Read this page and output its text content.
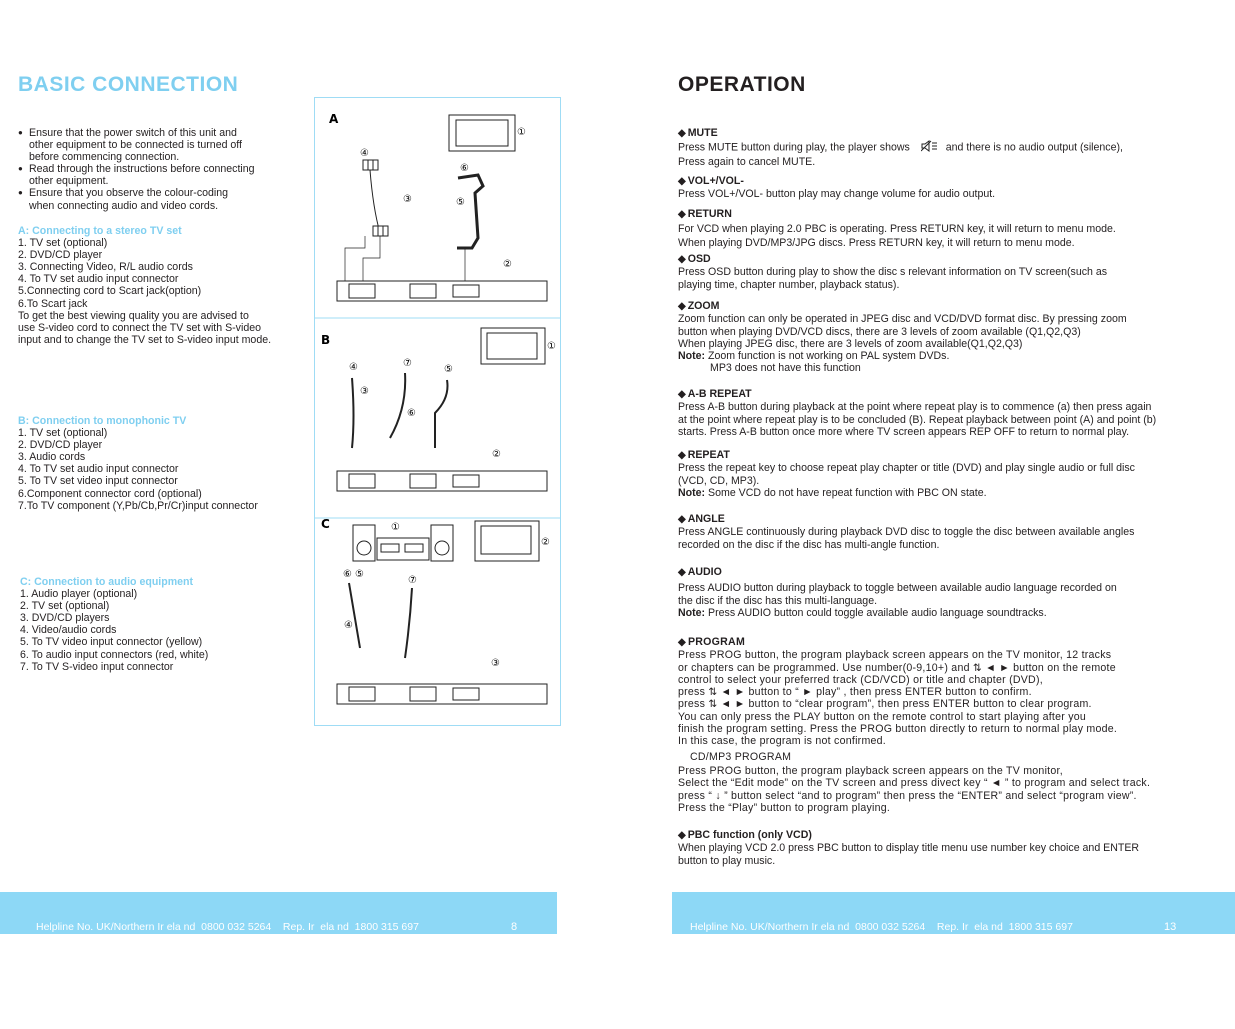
BASIC CONNECTION
● Ensure that the power switch of this unit and
other equipment to be connected is turned off
before commencing connection.
● Read through the instructions before connecting
other equipment.
● Ensure that you observe the colour-coding
when connecting audio and video cords.
A: Connecting to a stereo TV set
1. TV set (optional)
2. DVD/CD player
3. Connecting Video, R/L audio cords
4. To TV set audio input connector
5.Connecting cord to Scart jack(option)
6.To Scart jack
To get the best viewing quality you are advised to
use S-video cord to connect the TV set with S-video
input and to change the TV set to S-video input mode.
B: Connection to monophonic TV
1. TV set (optional)
2. DVD/CD player
3. Audio cords
4. To TV set audio input connector
5. To TV set video input connector
6.Component connector cord (optional)
7.To TV component (Y,Pb/Cb,Pr/Cr)input connector
C: Connection to audio equipment
1. Audio player (optional)
2. TV set (optional)
3. DVD/CD players
4. Video/audio cords
5. To TV video input connector (yellow)
6. To audio input connectors (red, white)
7. To TV S-video input connector
A
B
C
①
④
⑥
③	⑤
②
①
④	⑦
⑤
③
⑥
②
①
②
⑥ ⑤
⑦
④
③
OPERATION
◆ MUTE
Press MUTE button during play, the player shows	and there is no audio output (silence),
Press again to cancel MUTE.
◆ VOL+/VOL-
Press VOL+/VOL- button play may change volume for audio output.
◆ RETURN
For VCD when playing 2.0 PBC is operating. Press RETURN key, it will return to menu mode.
When playing DVD/MP3/JPG discs. Press RETURN key, it will return to menu mode.
◆ OSD
Press OSD button during play to show the disc s relevant information on TV screen(such as
playing time, chapter number, playback status).
◆ ZOOM
Zoom function can only be operated in JPEG disc and VCD/DVD format disc. By pressing zoom
button when playing DVD/VCD discs, there are 3 levels of zoom available (Q1,Q2,Q3)
When playing JPEG disc, there are 3 levels of zoom available(Q1,Q2,Q3)
Note: Zoom function is not working on PAL system DVDs.
MP3 does not have this function
◆ A-B REPEAT
Press A-B button during playback at the point where repeat play is to commence (a) then press again
at the point where repeat play is to be concluded (B). Repeat playback between point (A) and point (b)
starts. Press A-B button once more where TV screen appears REP OFF to return to normal play.
◆ REPEAT
Press the repeat key to choose repeat play chapter or title (DVD) and play single audio or full disc
(VCD, CD, MP3).
Note: Some VCD do not have repeat function with PBC ON state.
◆ ANGLE
Press ANGLE continuously during playback DVD disc to toggle the disc between available angles
recorded on the disc if the disc has multi-angle function.
◆ AUDIO
Press AUDIO button during playback to toggle between available audio language recorded on
the disc if the disc has this multi-language.
Note: Press AUDIO button could toggle available audio language soundtracks.
◆ PROGRAM
Press PROG button, the program playback screen appears on the TV monitor, 12 tracks
or chapters can be programmed. Use number(0-9,10+) and ⇅ ◄ ► button on the remote
control to select your preferred track (CD/VCD) or title and chapter (DVD),
press ⇅ ◄ ► button to “ ► play” , then press ENTER button to confirm.
press ⇅ ◄ ► button to “clear program”, then press ENTER button to clear program.
You can only press the PLAY button on the remote control to start playing after you
finish the program setting. Press the PROG button directly to return to normal play mode.
In this case, the program is not confirmed.
CD/MP3 PROGRAM
Press PROG button, the program playback screen appears on the TV monitor,
Select the “Edit mode” on the TV screen and press divect key “ ◄ ” to program and select track.
press “ ↓ ” button select “and to program” then press the “ENTER” and select “program view”.
Press the “Play” button to program playing.
◆ PBC function (only VCD)
When playing VCD 2.0 press PBC button to display title menu use number key choice and ENTER
button to play music.

Helpline No. UK/Northern Ir ela nd  0800 032 5264    Rep. Ir  ela nd  1800 315 697

W eb S upport www.curtisint.com

Model Number:      DVD3602UKT

8

	Helpline No. UK/Northern Ir ela nd  0800 032 5264    Rep. Ir  ela nd  1800 315 697

W eb S upport www.curtisint.com

Model Number:      DVD3602UKT

13
